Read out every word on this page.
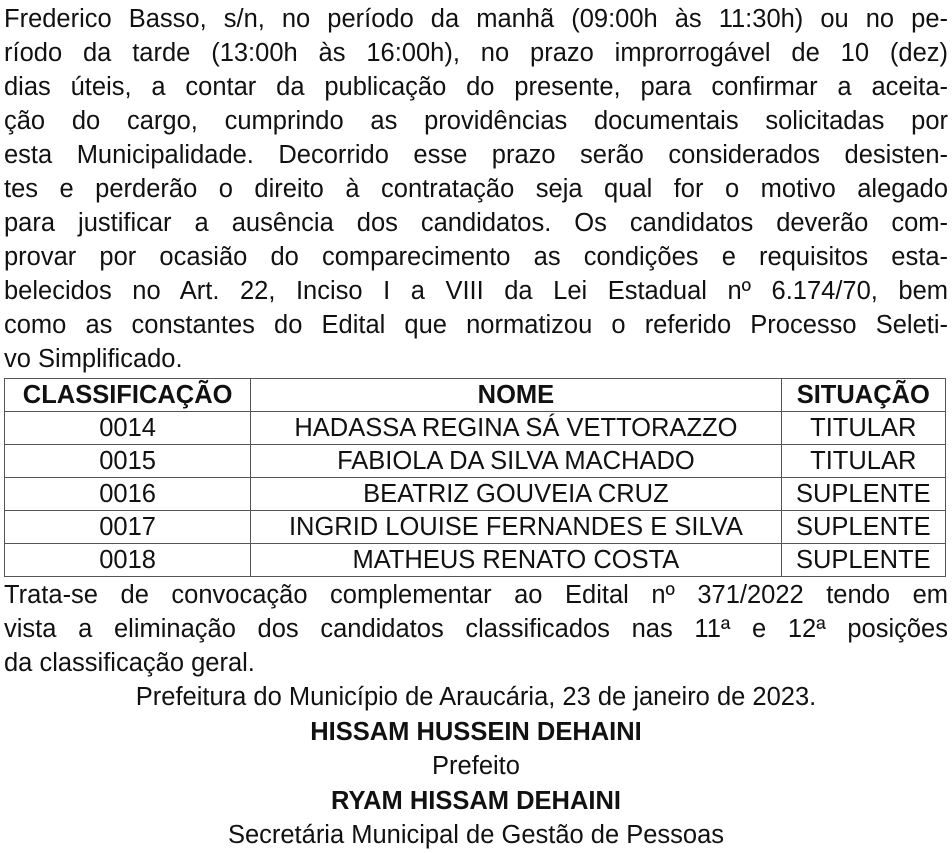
Frederico Basso, s/n, no período da manhã (09:00h às 11:30h) ou no pe-
ríodo da tarde (13:00h às 16:00h), no prazo improrrogável de 10 (dez)
dias úteis, a contar da publicação do presente, para confirmar a aceita-
ção do cargo, cumprindo as providências documentais solicitadas por
esta Municipalidade. Decorrido esse prazo serão considerados desisten-
tes e perderão o direito à contratação seja qual for o motivo alegado
para justificar a ausência dos candidatos. Os candidatos deverão com-
provar por ocasião do comparecimento as condições e requisitos esta-
belecidos no Art. 22, Inciso I a VIII da Lei Estadual nº 6.174/70, bem
como as constantes do Edital que normatizou o referido Processo Seleti-
vo Simplificado.
CLASSIFICAÇÃO	NOME	SITUAÇÃO
0014	HADASSA REGINA SÁ VETTORAZZO	TITULAR
0015	FABIOLA DA SILVA MACHADO	TITULAR
0016	BEATRIZ GOUVEIA CRUZ	SUPLENTE
0017	INGRID LOUISE FERNANDES E SILVA	SUPLENTE
0018	MATHEUS RENATO COSTA	SUPLENTE
Trata-se de convocação complementar ao Edital nº 371/2022 tendo em
vista a eliminação dos candidatos classificados nas 11ª e 12ª posições
da classificação geral.
Prefeitura do Município de Araucária, 23 de janeiro de 2023.
HISSAM HUSSEIN DEHAINI
Prefeito
RYAM HISSAM DEHAINI
Secretária Municipal de Gestão de Pessoas
